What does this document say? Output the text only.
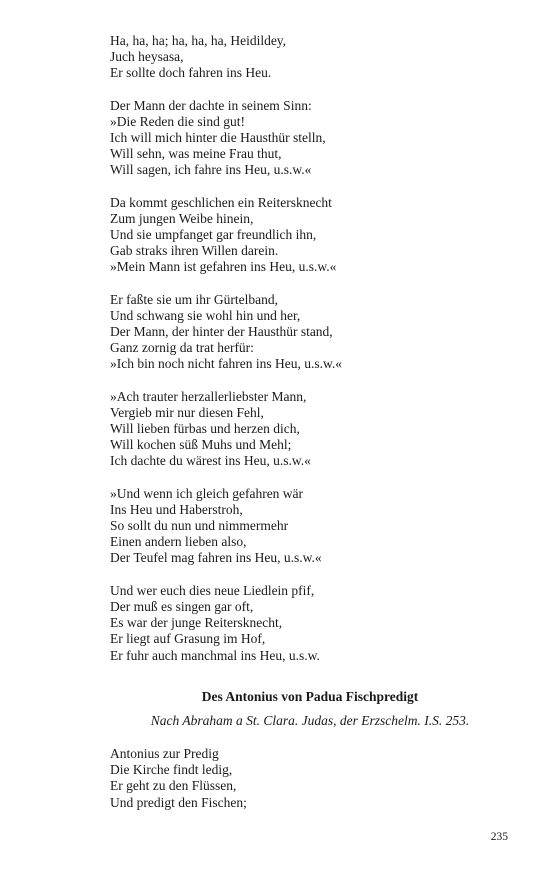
Ha, ha, ha; ha, ha, ha, Heidildey,
Juch heysasa,
Er sollte doch fahren ins Heu.
Der Mann der dachte in seinem Sinn:
»Die Reden die sind gut!
Ich will mich hinter die Hausthür stelln,
Will sehn, was meine Frau thut,
Will sagen, ich fahre ins Heu, u.s.w.«
Da kommt geschlichen ein Reitersknecht
Zum jungen Weibe hinein,
Und sie umpfanget gar freundlich ihn,
Gab straks ihren Willen darein.
»Mein Mann ist gefahren ins Heu, u.s.w.«
Er faßte sie um ihr Gürtelband,
Und schwang sie wohl hin und her,
Der Mann, der hinter der Hausthür stand,
Ganz zornig da trat herfür:
»Ich bin noch nicht fahren ins Heu, u.s.w.«
»Ach trauter herzallerliebster Mann,
Vergieb mir nur diesen Fehl,
Will lieben fürbas und herzen dich,
Will kochen süß Muhs und Mehl;
Ich dachte du wärest ins Heu, u.s.w.«
»Und wenn ich gleich gefahren wär
Ins Heu und Haberstroh,
So sollt du nun und nimmermehr
Einen andern lieben also,
Der Teufel mag fahren ins Heu, u.s.w.«
Und wer euch dies neue Liedlein pfif,
Der muß es singen gar oft,
Es war der junge Reitersknecht,
Er liegt auf Grasung im Hof,
Er fuhr auch manchmal ins Heu, u.s.w.
Des Antonius von Padua Fischpredigt
Nach Abraham a St. Clara. Judas, der Erzschelm. I.S. 253.
Antonius zur Predig
Die Kirche findt ledig,
Er geht zu den Flüssen,
Und predigt den Fischen;
235
